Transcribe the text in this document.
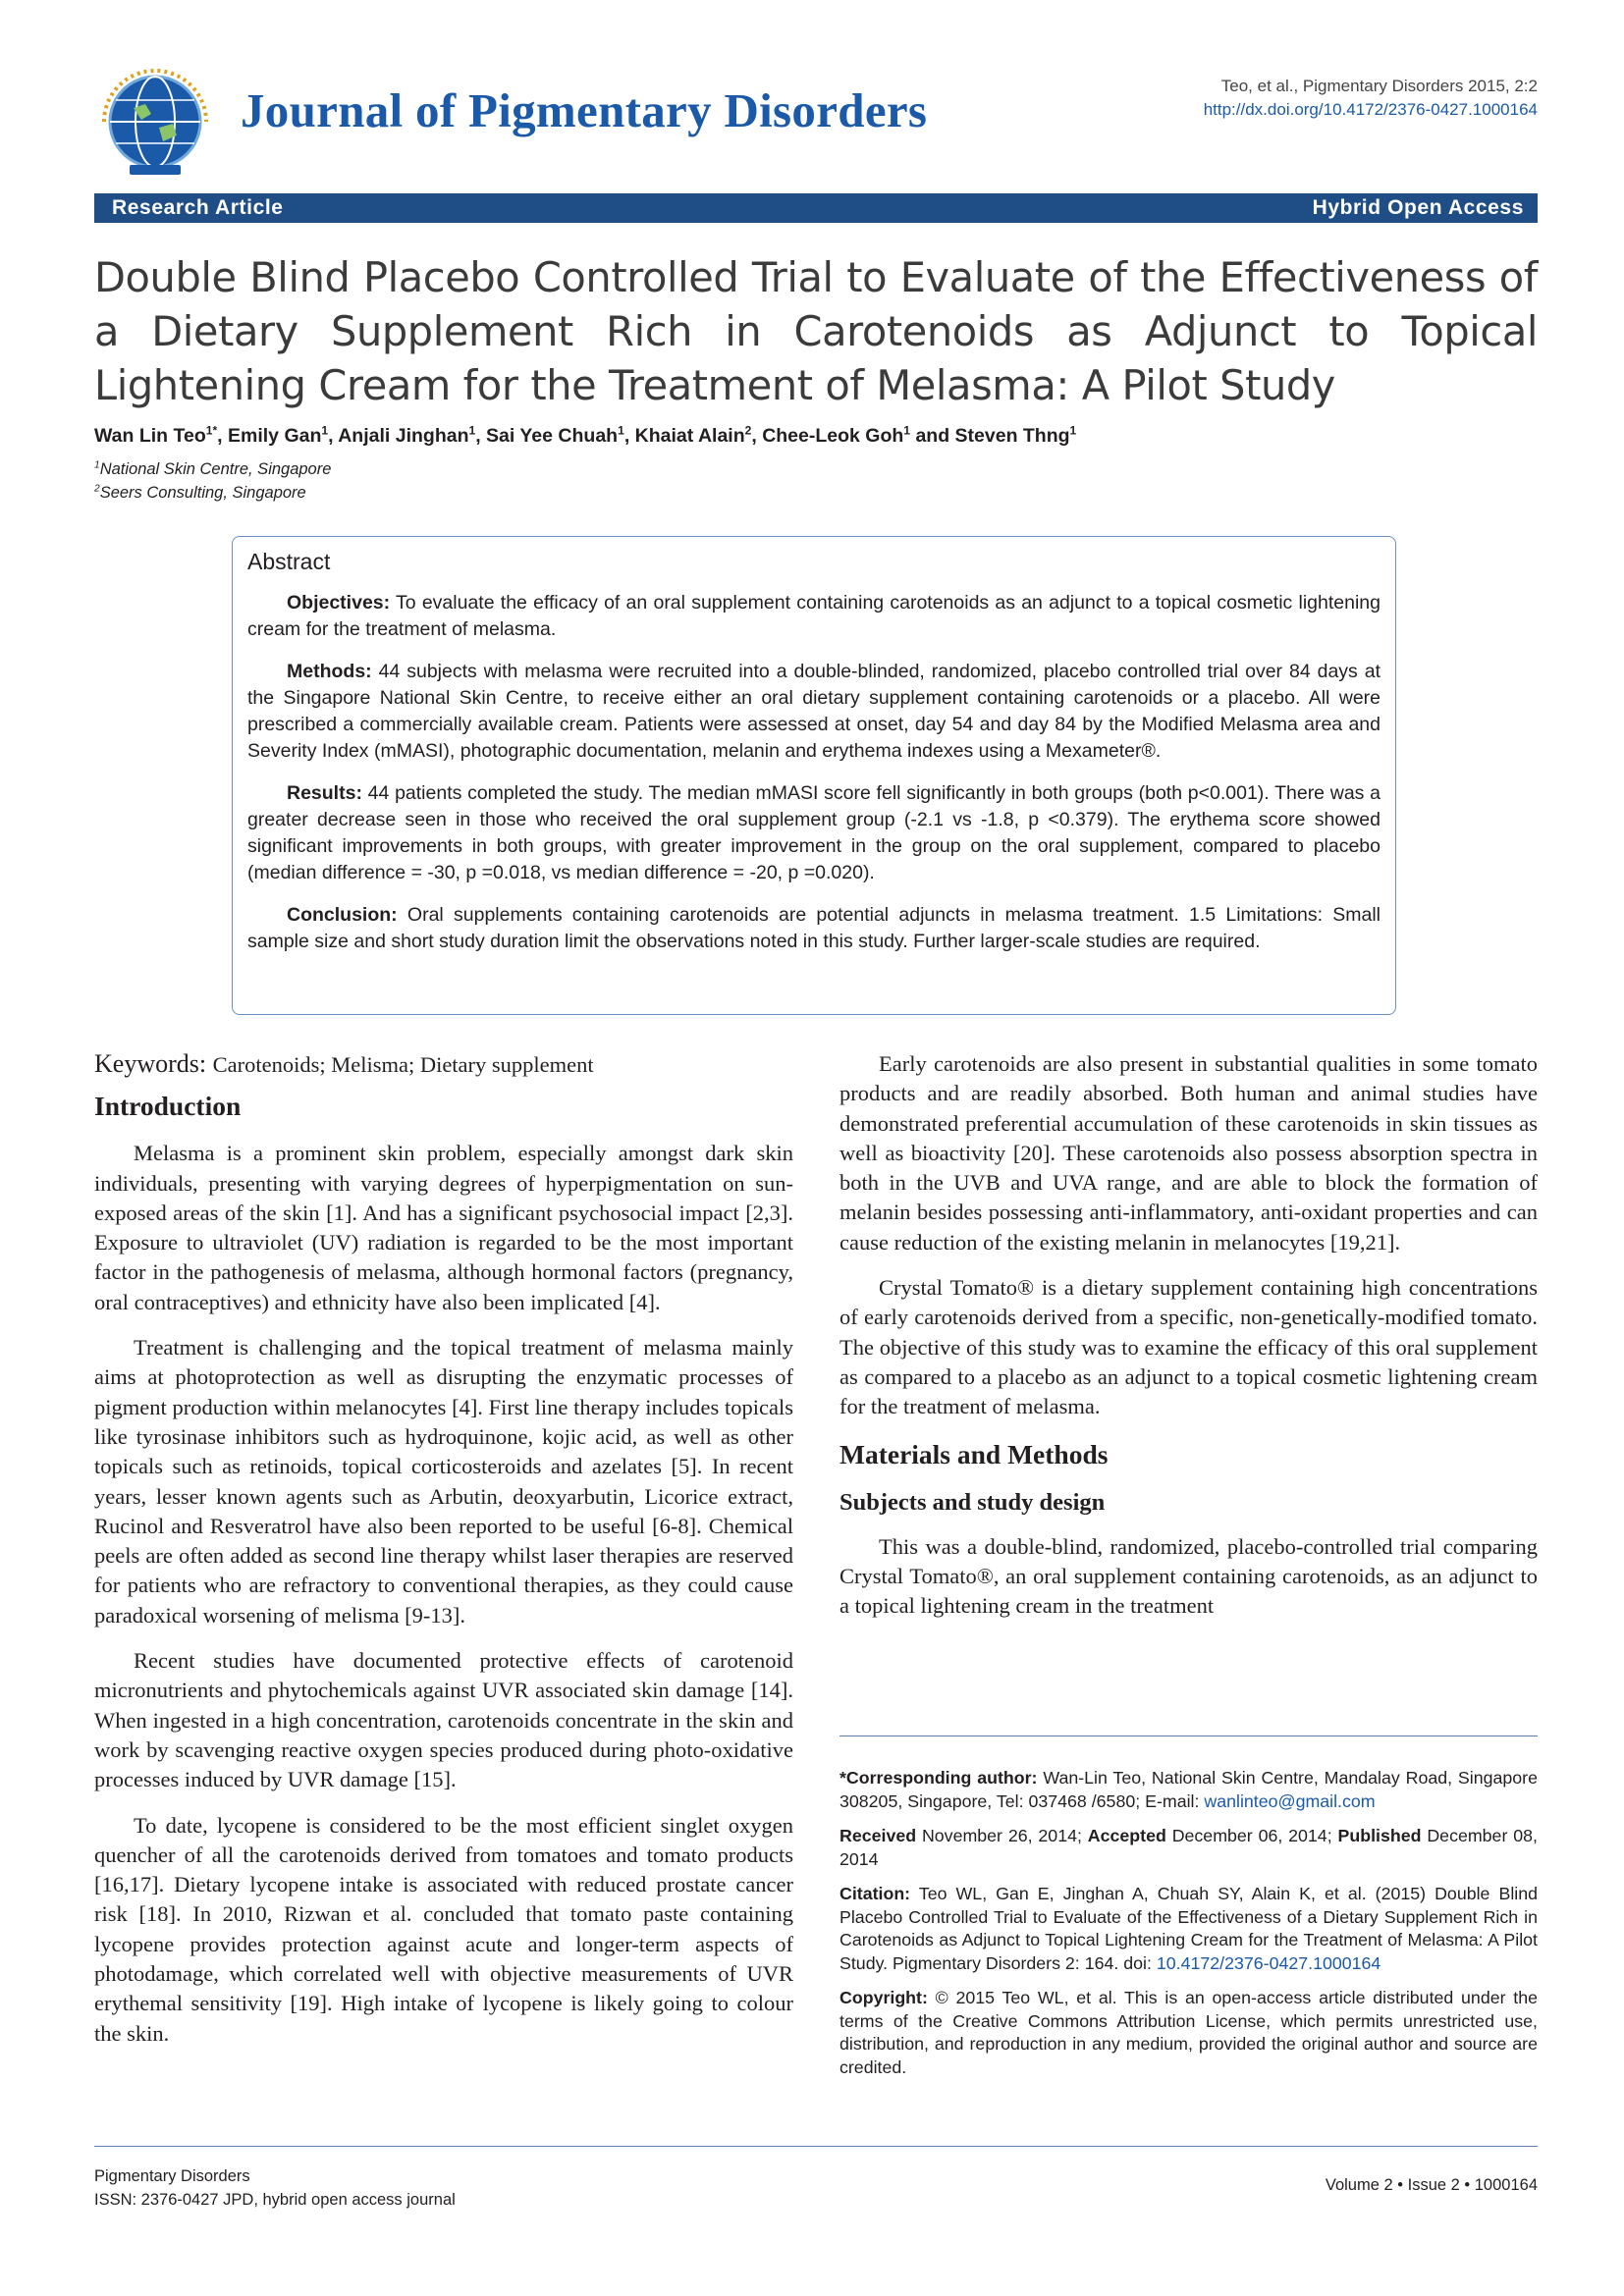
Journal of Pigmentary Disorders	Teo, et al., Pigmentary Disorders 2015, 2:2
http://dx.doi.org/10.4172/2376-0427.1000164
Research Article	Hybrid Open Access
Double Blind Placebo Controlled Trial to Evaluate of the Effectiveness of a Dietary Supplement Rich in Carotenoids as Adjunct to Topical Lightening Cream for the Treatment of Melasma: A Pilot Study
Wan Lin Teo$^{1*}$, Emily Gan$^1$, Anjali Jinghan$^1$, Sai Yee Chuah$^1$, Khaiat Alain$^2$, Chee-Leok Goh$^1$ and Steven Thng$^1$
$^1$National Skin Centre, Singapore
$^2$Seers Consulting, Singapore
Abstract

Objectives: To evaluate the efficacy of an oral supplement containing carotenoids as an adjunct to a topical cosmetic lightening cream for the treatment of melasma.

Methods: 44 subjects with melasma were recruited into a double-blinded, randomized, placebo controlled trial over 84 days at the Singapore National Skin Centre, to receive either an oral dietary supplement containing carotenoids or a placebo. All were prescribed a commercially available cream. Patients were assessed at onset, day 54 and day 84 by the Modified Melasma area and Severity Index (mMASI), photographic documentation, melanin and erythema indexes using a Mexameter®.

Results: 44 patients completed the study. The median mMASI score fell significantly in both groups (both p<0.001). There was a greater decrease seen in those who received the oral supplement group (-2.1 vs -1.8, p <0.379). The erythema score showed significant improvements in both groups, with greater improvement in the group on the oral supplement, compared to placebo (median difference = -30, p =0.018, vs median difference = -20, p =0.020).

Conclusion: Oral supplements containing carotenoids are potential adjuncts in melasma treatment. 1.5 Limitations: Small sample size and short study duration limit the observations noted in this study. Further larger-scale studies are required.

Keywords: Carotenoids; Melisma; Dietary supplement
Introduction

Melasma is a prominent skin problem, especially amongst dark skin individuals, presenting with varying degrees of hyperpigmentation on sun-exposed areas of the skin [1]. And has a significant psychosocial impact [2,3]. Exposure to ultraviolet (UV) radiation is regarded to be the most important factor in the pathogenesis of melasma, although hormonal factors (pregnancy, oral contraceptives) and ethnicity have also been implicated [4].

Treatment is challenging and the topical treatment of melasma mainly aims at photoprotection as well as disrupting the enzymatic processes of pigment production within melanocytes [4]. First line therapy includes topicals like tyrosinase inhibitors such as hydroquinone, kojic acid, as well as other topicals such as retinoids, topical corticosteroids and azelates [5]. In recent years, lesser known agents such as Arbutin, deoxyarbutin, Licorice extract, Rucinol and Resveratrol have also been reported to be useful [6-8]. Chemical peels are often added as second line therapy whilst laser therapies are reserved for patients who are refractory to conventional therapies, as they could cause paradoxical worsening of melisma [9-13].

Recent studies have documented protective effects of carotenoid micronutrients and phytochemicals against UVR associated skin damage [14]. When ingested in a high concentration, carotenoids concentrate in the skin and work by scavenging reactive oxygen species produced during photo-oxidative processes induced by UVR damage [15].

To date, lycopene is considered to be the most efficient singlet oxygen quencher of all the carotenoids derived from tomatoes and tomato products [16,17]. Dietary lycopene intake is associated with reduced prostate cancer risk [18]. In 2010, Rizwan et al. concluded that tomato paste containing lycopene provides protection against acute and longer-term aspects of photodamage, which correlated well with objective measurements of UVR erythemal sensitivity [19]. High intake of lycopene is likely going to colour the skin.

Early carotenoids are also present in substantial qualities in some tomato products and are readily absorbed. Both human and animal studies have demonstrated preferential accumulation of these carotenoids in skin tissues as well as bioactivity [20]. These carotenoids also possess absorption spectra in both in the UVB and UVA range, and are able to block the formation of melanin besides possessing anti-inflammatory, anti-oxidant properties and can cause reduction of the existing melanin in melanocytes [19,21].

Crystal Tomato® is a dietary supplement containing high concentrations of early carotenoids derived from a specific, non-genetically-modified tomato. The objective of this study was to examine the efficacy of this oral supplement as compared to a placebo as an adjunct to a topical cosmetic lightening cream for the treatment of melasma.

Materials and Methods
Subjects and study design

This was a double-blind, randomized, placebo-controlled trial comparing Crystal Tomato®, an oral supplement containing carotenoids, as an adjunct to a topical lightening cream in the treatment

*Corresponding author: Wan-Lin Teo, National Skin Centre, Mandalay Road, Singapore 308205, Singapore, Tel: 037468 /6580; E-mail: wanlinteo@gmail.com

Received November 26, 2014; Accepted December 06, 2014; Published December 08, 2014

Citation: Teo WL, Gan E, Jinghan A, Chuah SY, Alain K, et al. (2015) Double Blind Placebo Controlled Trial to Evaluate of the Effectiveness of a Dietary Supplement Rich in Carotenoids as Adjunct to Topical Lightening Cream for the Treatment of Melasma: A Pilot Study. Pigmentary Disorders 2: 164. doi: 10.4172/2376-0427.1000164

Copyright: © 2015 Teo WL, et al. This is an open-access article distributed under the terms of the Creative Commons Attribution License, which permits unrestricted use, distribution, and reproduction in any medium, provided the original author and source are credited.

Pigmentary Disorders
ISSN: 2376-0427 JPD, hybrid open access journal
Volume 2 • Issue 2 • 1000164
